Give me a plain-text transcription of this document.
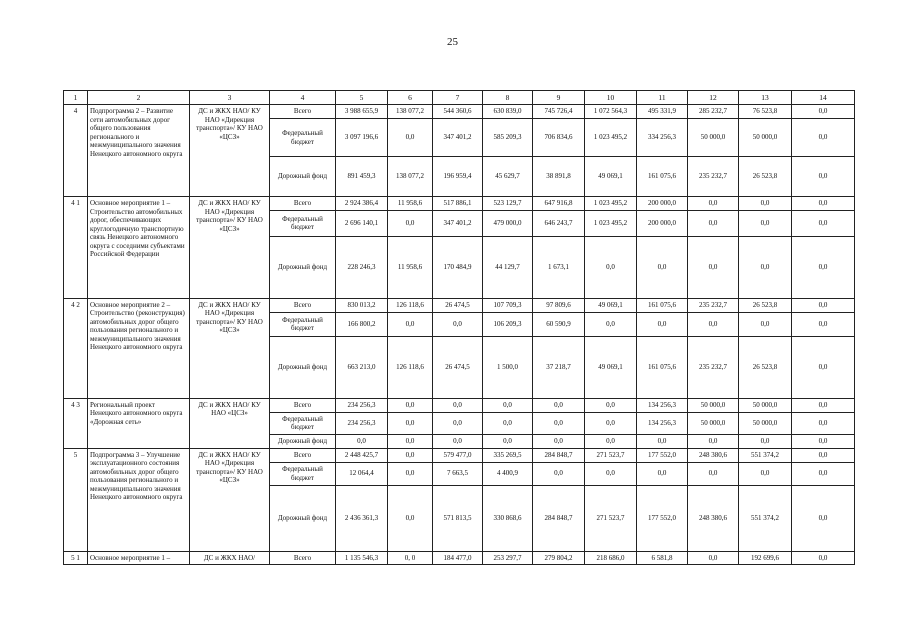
25
1	2	3	4	5	6	7	8	9	10	11	12	13	14
4	Подпрограмма 2 – Развитие сети автомобильных дорог общего пользования регионального и межмуниципального значения Ненецкого автономного округа	ДС и ЖКХ НАО/ КУ НАО «Дирекция транспорта»/ КУ НАО «ЦСЗ»	Всего	3 988 655,9	138 077,2	544 360,6	630 839,0	745 726,4	1 072 564,3	495 331,9	285 232,7	76 523,8	0,0
			Федеральный бюджет	3 097 196,6	0,0	347 401,2	585 209,3	706 834,6	1 023 495,2	334 256,3	50 000,0	50 000,0	0,0
			Дорожный фонд	891 459,3	138 077,2	196 959,4	45 629,7	38 891,8	49 069,1	161 075,6	235 232,7	26 523,8	0,0
4 1	Основное мероприятие 1 – Строительство автомобильных дорог, обеспечивающих круглогодичную транспортную связь Ненецкого автономного округа с соседними субъектами Российской Федерации	ДС и ЖКХ НАО/ КУ НАО «Дирекция транспорта»/ КУ НАО «ЦСЗ»	Всего	2 924 386,4	11 958,6	517 886,1	523 129,7	647 916,8	1 023 495,2	200 000,0	0,0	0,0	0,0
			Федеральный бюджет	2 696 140,1	0,0	347 401,2	479 000,0	646 243,7	1 023 495,2	200 000,0	0,0	0,0	0,0
			Дорожный фонд	228 246,3	11 958,6	170 484,9	44 129,7	1 673,1	0,0	0,0	0,0	0,0	0,0
4 2	Основное мероприятие 2 – Строительство (реконструкция) автомобильных дорог общего пользования регионального и межмуниципального значения Ненецкого автономного округа	ДС и ЖКХ НАО/ КУ НАО «Дирекция транспорта»/ КУ НАО «ЦСЗ»	Всего	830 013,2	126 118,6	26 474,5	107 709,3	97 809,6	49 069,1	161 075,6	235 232,7	26 523,8	0,0
			Федеральный бюджет	166 800,2	0,0	0,0	106 209,3	60 590,9	0,0	0,0	0,0	0,0	0,0
			Дорожный фонд	663 213,0	126 118,6	26 474,5	1 500,0	37 218,7	49 069,1	161 075,6	235 232,7	26 523,8	0,0
4 3	Региональный проект Ненецкого автономного округа «Дорожная сеть»	ДС и ЖКХ НАО/ КУ НАО «ЦСЗ»	Всего	234 256,3	0,0	0,0	0,0	0,0	0,0	134 256,3	50 000,0	50 000,0	0,0
			Федеральный бюджет	234 256,3	0,0	0,0	0,0	0,0	0,0	134 256,3	50 000,0	50 000,0	0,0
			Дорожный фонд	0,0	0,0	0,0	0,0	0,0	0,0	0,0	0,0	0,0	0,0
5	Подпрограмма 3 – Улучшение эксплуатационного состояния автомобильных дорог общего пользования регионального и межмуниципального значения Ненецкого автономного округа	ДС и ЖКХ НАО/ КУ НАО «Дирекция транспорта»/ КУ НАО «ЦСЗ»	Всего	2 448 425,7	0,0	579 477,0	335 269,5	284 848,7	271 523,7	177 552,0	248 380,6	551 374,2	0,0
			Федеральный бюджет	12 064,4	0,0	7 663,5	4 400,9	0,0	0,0	0,0	0,0	0,0	0,0
			Дорожный фонд	2 436 361,3	0,0	571 813,5	330 868,6	284 848,7	271 523,7	177 552,0	248 380,6	551 374,2	0,0
5 1	Основное мероприятие 1 –	ДС и ЖКХ НАО/	Всего	1 135 546,3	0, 0	184 477,0	253 297,7	279 804,2	218 686,0	6 581,8	0,0	192 699,6	0,0
